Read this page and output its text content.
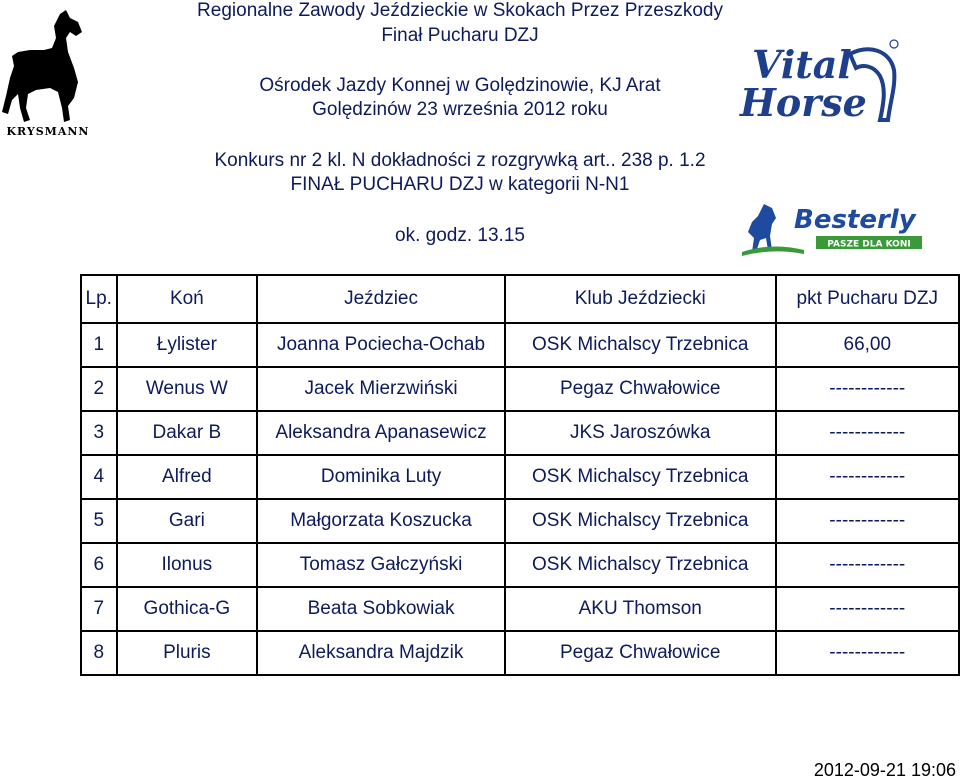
Regionalne Zawody Jeździeckie w Skokach Przez Przeszkody
Finał Pucharu DZJ
Ośrodek Jazdy Konnej w Golędzinowie, KJ Arat
Golędzinów 23 września 2012 roku
Konkurs nr 2 kl. N dokładności z rozgrywką art.. 238 p. 1.2
FINAŁ PUCHARU DZJ w kategorii N-N1
ok. godz. 13.15
KRYSMANN
Vital
Horse
Besterly
PASZE DLA KONI
Lp.	Koń	Jeździec	Klub Jeździecki	pkt Pucharu DZJ
1	Łylister	Joanna Pociecha-Ochab	OSK Michalscy Trzebnica	66,00
2	Wenus W	Jacek Mierzwiński	Pegaz Chwałowice	------------
3	Dakar B	Aleksandra Apanasewicz	JKS Jaroszówka	------------
4	Alfred	Dominika Luty	OSK Michalscy Trzebnica	------------
5	Gari	Małgorzata Koszucka	OSK Michalscy Trzebnica	------------
6	Ilonus	Tomasz Gałczyński	OSK Michalscy Trzebnica	------------
7	Gothica-G	Beata Sobkowiak	AKU Thomson	------------
8	Pluris	Aleksandra Majdzik	Pegaz Chwałowice	------------
2012-09-21 19:06
